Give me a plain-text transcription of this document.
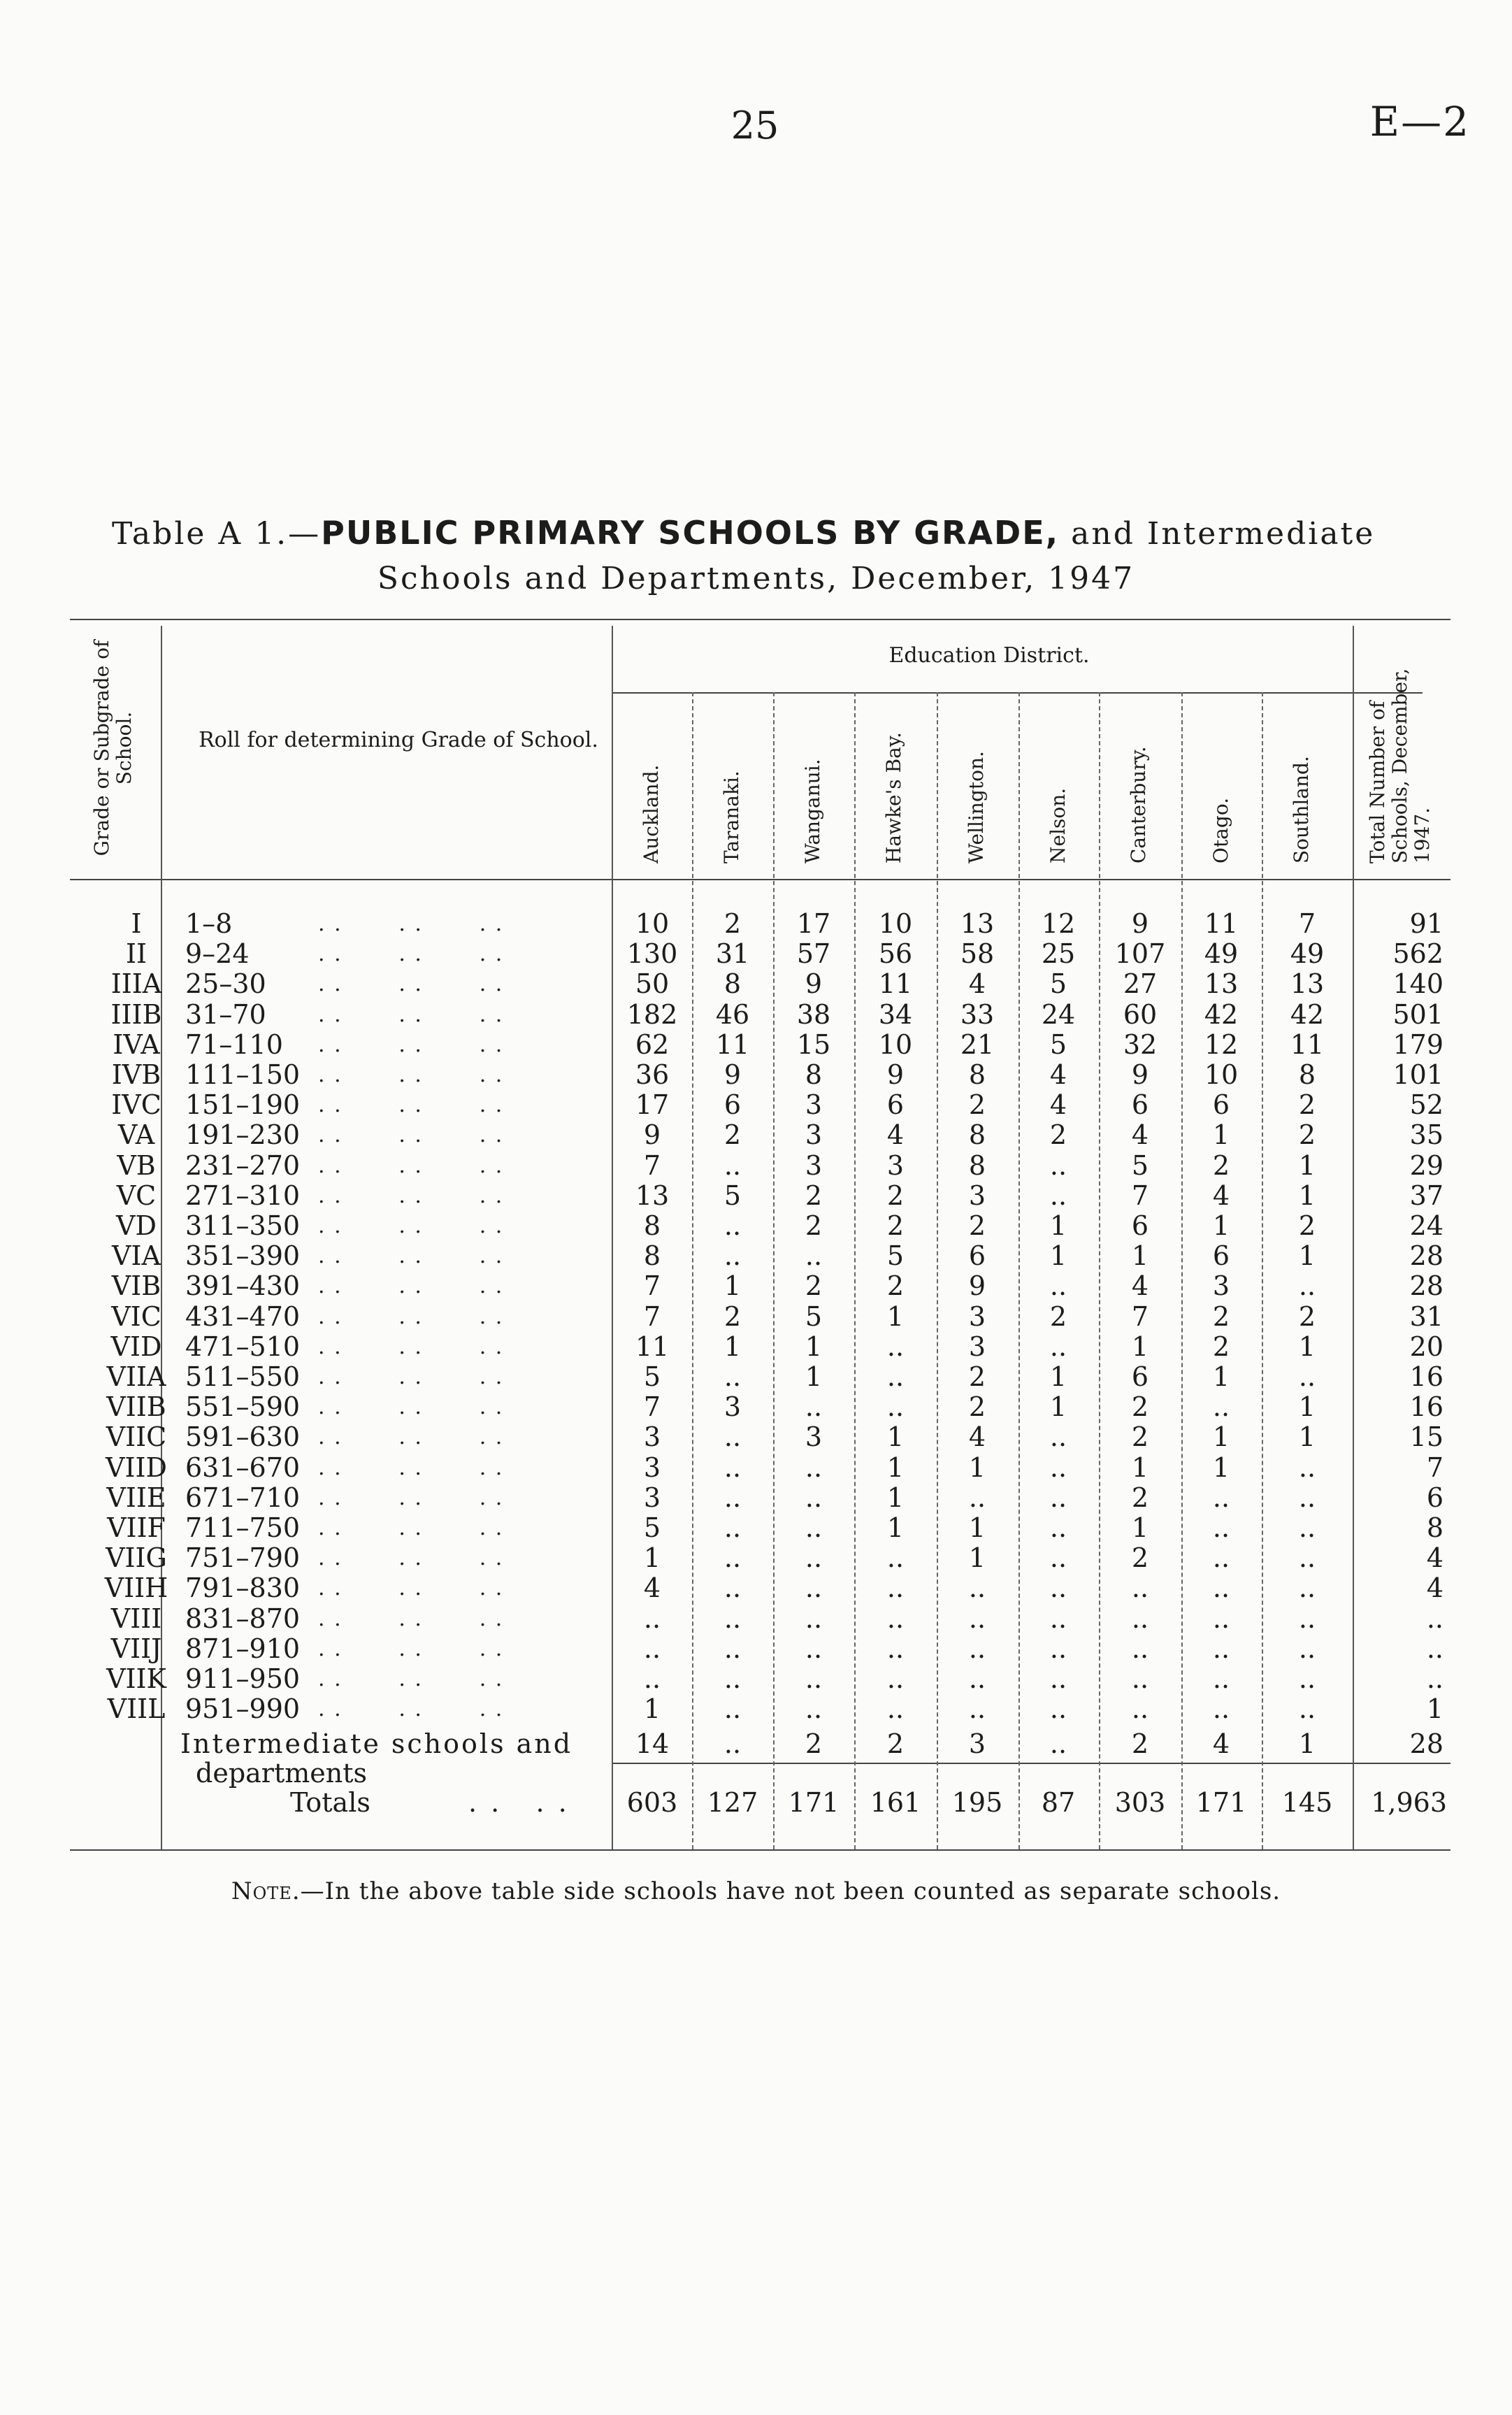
25	E—2
Table A 1.—PUBLIC PRIMARY SCHOOLS BY GRADE, and Intermediate
Schools and Departments, December, 1947
Grade or Subgrade of School.	Roll for determining Grade of School.
Education District.
Auckland.	Taranaki.	Wanganui.	Hawke's Bay.	Wellington.	Nelson.	Canterbury.	Otago.	Southland.	Total Number of Schools, December, 1947.
I	1–8	. .       . .       . .	10	2	17	10	13	12	9	11	7	91
II	9–24	. .       . .       . .	130	31	57	56	58	25	107	49	49	562
IIIA 25–30	. .       . .       . .	50	8	9	11	4	5	27	13	13	140
IIIB 31–70	. .       . .       . .	182	46	38	34	33	24	60	42	42	501
IVA 71–110	. .       . .       . .	62	11	15	10	21	5	32	12	11	179
IVB 111–150 . .       . .       . .	36	9	8	9	8	4	9	10	8	101
IVC 151–190 . .       . .       . .	17	6	3	6	2	4	6	6	2	52
VA	191–230 . .       . .       . .	9	2	3	4	8	2	4	1	2	35
VB	231–270 . .       . .       . .	7	..	3	3	8	..	5	2	1	29
VC	271–310 . .       . .       . .	13	5	2	2	3	..	7	4	1	37
VD	311–350 . .       . .       . .	8	..	2	2	2	1	6	1	2	24
VIA 351–390 . .       . .       . .	8	..	..	5	6	1	1	6	1	28
VIB 391–430 . .       . .       . .	7	1	2	2	9	..	4	3	..	28
VIC 431–470 . .       . .       . .	7	2	5	1	3	2	7	2	2	31
VID 471–510 . .       . .       . .	11	1	1	..	3	..	1	2	1	20
VIIA 511–550 . .       . .       . .	5	..	1	..	2	1	6	1	..	16
VIIB 551–590 . .       . .       . .	7	3	..	..	2	1	2	..	1	16
VIIC 591–630 . .       . .       . .	3	..	3	1	4	..	2	1	1	15
VIID 631–670 . .       . .       . .	3	..	..	1	1	..	1	1	..	7
VIIE 671–710 . .       . .       . .	3	..	..	1	..	..	2	..	..	6
VIIF 711–750 . .       . .       . .	5	..	..	1	1	..	1	..	..	8
VIIG 751–790 . .       . .       . .	1	..	..	..	1	..	2	..	..	4
VIIH 791–830 . .       . .       . .	4	..	..	..	..	..	..	..	..	4
VIII 831–870 . .       . .       . .	..	..	..	..	..	..	..	..	..	..
VIIJ 871–910 . .       . .       . .	..	..	..	..	..	..	..	..	..	..
VIIK 911–950 . .       . .       . .	..	..	..	..	..	..	..	..	..	..
VIIL 951–990 . .       . .       . .	1	..	..	..	..	..	..	..	..	1
Intermediate schools and	14	..	2	2	3	..	2	4	1	28
departments
Totals	. .   . .	603	127	171	161	195	87	303	171	145	1,963
Note.—In the above table side schools have not been counted as separate schools.
